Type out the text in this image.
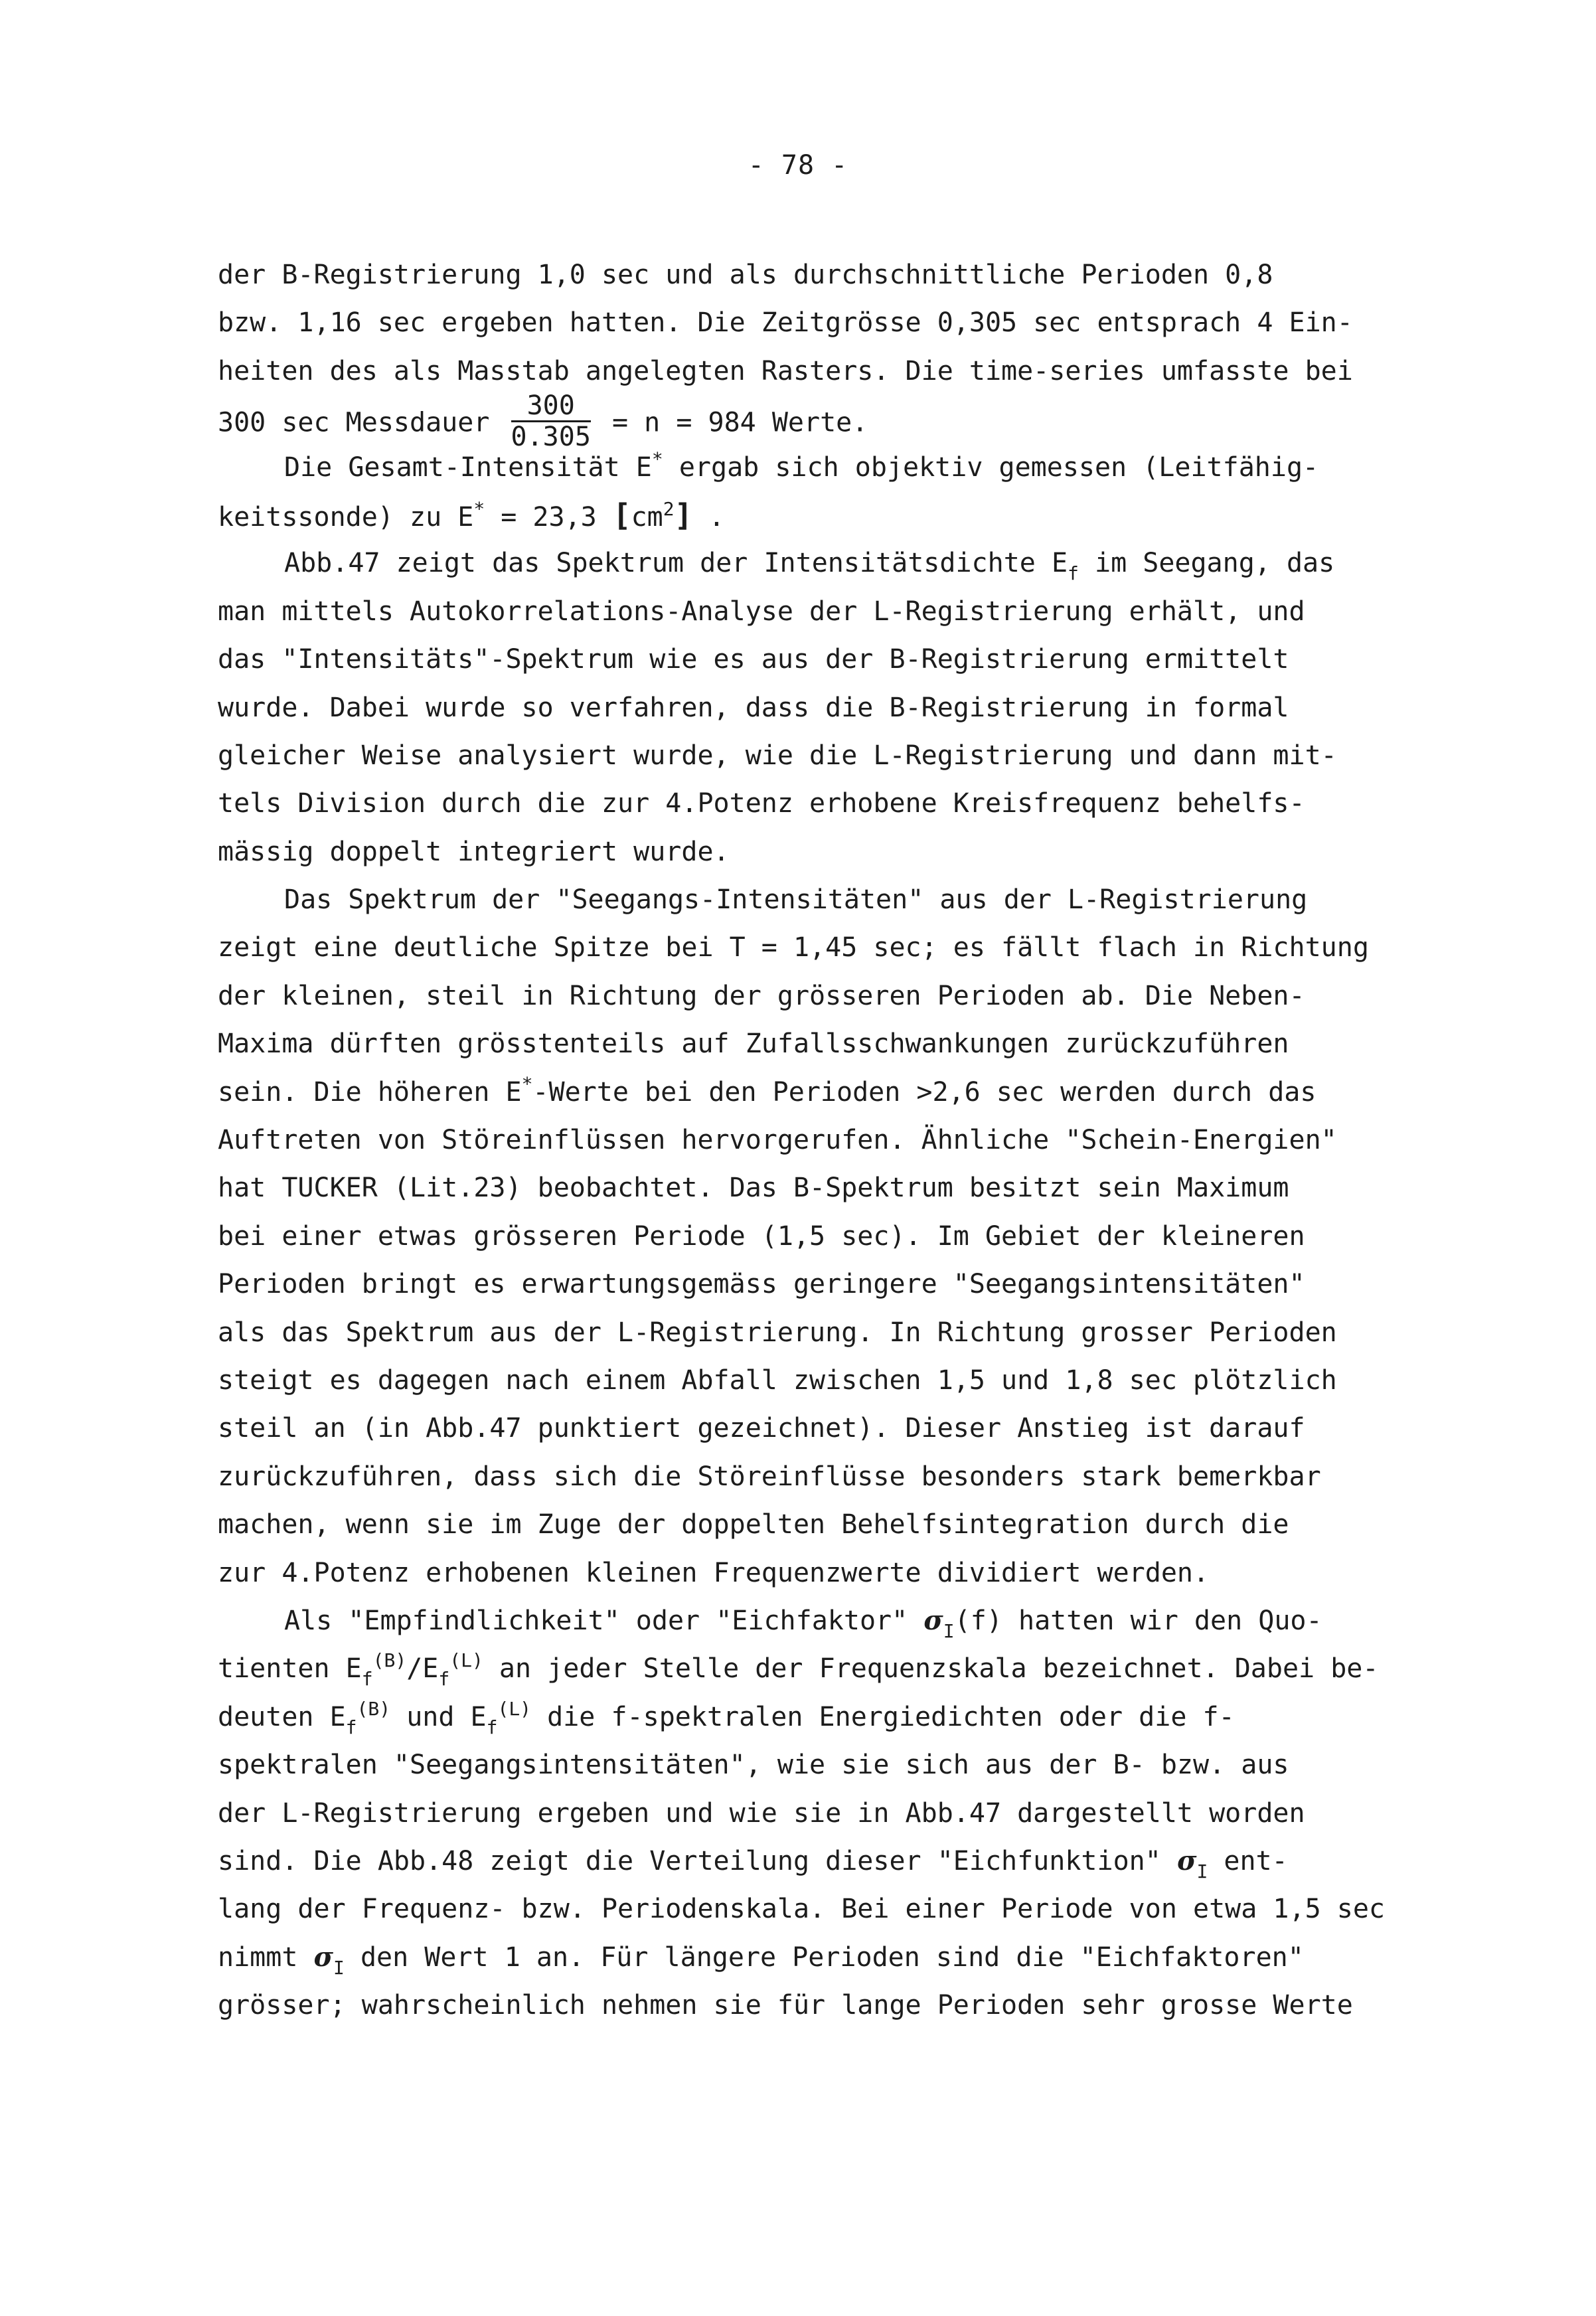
- 78 -
der B-Registrierung 1,0 sec und als durchschnittliche Perioden 0,8
bzw. 1,16 sec ergeben hatten. Die Zeitgrösse 0,305 sec entsprach 4 Ein-
heiten des als Masstab angelegten Rasters. Die time-series umfasste bei
300 sec Messdauer $\frac{300}{0.305} = n = 984$ Werte.
Die Gesamt-Intensität E* ergab sich objektiv gemessen (Leitfähig-
keitssonde) zu E* = 23,3 $[cm^2]$ .
Abb.47 zeigt das Spektrum der Intensitätsdichte $E_f$ im Seegang, das
man mittels Autokorrelations-Analyse der L-Registrierung erhält, und
das "Intensitäts"-Spektrum wie es aus der B-Registrierung ermittelt
wurde. Dabei wurde so verfahren, dass die B-Registrierung in formal
gleicher Weise analysiert wurde, wie die L-Registrierung und dann mit-
tels Division durch die zur 4.Potenz erhobene Kreisfrequenz behelfs-
mässig doppelt integriert wurde.
Das Spektrum der "Seegangs-Intensitäten" aus der L-Registrierung
zeigt eine deutliche Spitze bei T = 1,45 sec; es fällt flach in Richtung
der kleinen, steil in Richtung der grösseren Perioden ab. Die Neben-
Maxima dürften grösstenteils auf Zufallsschwankungen zurückzuführen
sein. Die höheren E*-Werte bei den Perioden >2,6 sec werden durch das
Auftreten von Störeinflüssen hervorgerufen. Ähnliche "Schein-Energien"
hat TUCKER (Lit.23) beobachtet. Das B-Spektrum besitzt sein Maximum
bei einer etwas grösseren Periode (1,5 sec). Im Gebiet der kleineren
Perioden bringt es erwartungsgemäss geringere "Seegangsintensitäten"
als das Spektrum aus der L-Registrierung. In Richtung grosser Perioden
steigt es dagegen nach einem Abfall zwischen 1,5 und 1,8 sec plötzlich
steil an (in Abb.47 punktiert gezeichnet). Dieser Anstieg ist darauf
zurückzuführen, dass sich die Störeinflüsse besonders stark bemerkbar
machen, wenn sie im Zuge der doppelten Behelfsintegration durch die
zur 4.Potenz erhobenen kleinen Frequenzwerte dividiert werden.
Als "Empfindlichkeit" oder "Eichfaktor" $\sigma_I(f)$ hatten wir den Quo-
tienten $E_f^{(B)}/E_f^{(L)}$ an jeder Stelle der Frequenzskala bezeichnet. Dabei be-
deuten $E_f^{(B)}$ und $E_f^{(L)}$ die f-spektralen Energiedichten oder die f-
spektralen "Seegangsintensitäten", wie sie sich aus der B- bzw. aus
der L-Registrierung ergeben und wie sie in Abb.47 dargestellt worden
sind. Die Abb.48 zeigt die Verteilung dieser "Eichfunktion" $\sigma_I$ ent-
lang der Frequenz- bzw. Periodenskala. Bei einer Periode von etwa 1,5 sec
nimmt $\sigma_I$ den Wert 1 an. Für längere Perioden sind die "Eichfaktoren"
grösser; wahrscheinlich nehmen sie für lange Perioden sehr grosse Werte
